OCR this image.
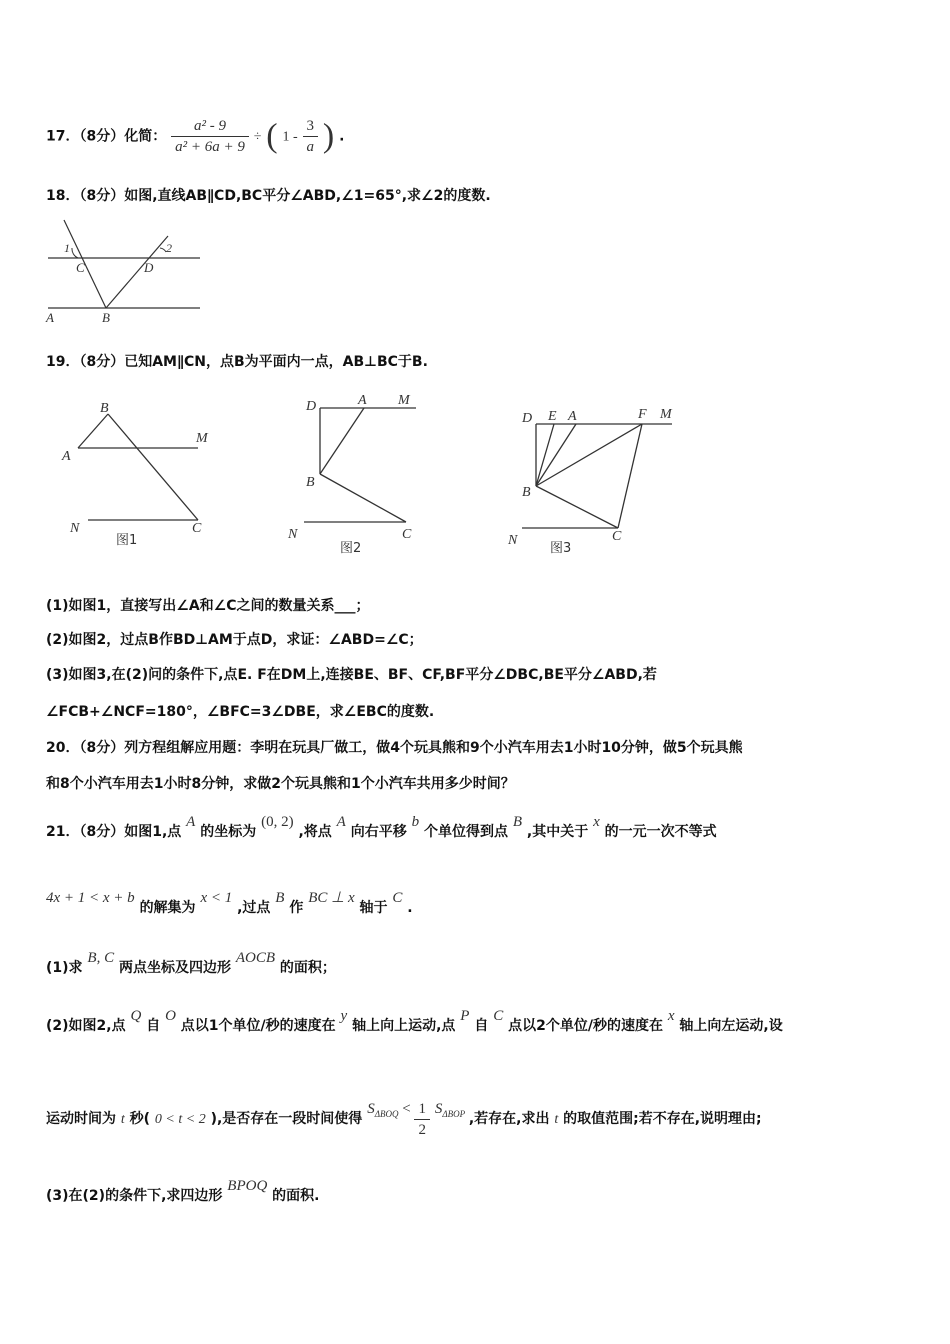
17．（8分）化简： $\frac{\text{a² - 9}}{\text{a² + 6a + 9}}$ ÷ ( $1 - \frac{3}{a}$ ) .
18．（8分）如图,直线AB∥CD,BC平分∠ABD,∠1=65°,求∠2的度数.
1	2
C	D
A	B
19．（8分）已知AM∥CN，点B为平面内一点，AB⊥BC于B.
B
A
M
N	C
图1
D	A M
B
N	C
图2
D E A	F M
B
N	C
图3
(1)如图1，直接写出∠A和∠C之间的数量关系___；
(2)如图2，过点B作BD⊥AM于点D，求证：∠ABD=∠C；
(3)如图3,在(2)问的条件下,点E. F在DM上,连接BE、BF、CF,BF平分∠DBC,BE平分∠ABD,若
∠FCB+∠NCF=180°，∠BFC=3∠DBE，求∠EBC的度数.
20．（8分）列方程组解应用题：李明在玩具厂做工，做4个玩具熊和9个小汽车用去1小时10分钟，做5个玩具熊
和8个小汽车用去1小时8分钟，求做2个玩具熊和1个小汽车共用多少时间？
21．（8分）如图1,点 A 的坐标为 (0, 2) ,将点 A 向右平移 b 个单位得到点 B ,其中关于 x 的一元一次不等式
4x + 1 < x + b 的解集为 x < 1 ,过点 B 作 BC ⊥ x 轴于 C .
(1)求 B, C 两点坐标及四边形 AOCB 的面积；
(2)如图2,点 Q 自 O 点以1个单位/秒的速度在 y 轴上向上运动,点 P 自 C 点以2个单位/秒的速度在 x 轴上向左运动,设
运动时间为 t 秒( 0 < t < 2 ),是否存在一段时间使得 $S_{\Delta BOQ} < \frac{1}{2} S_{\Delta BOP}$ ,若存在,求出 t 的取值范围;若不存在,说明理由;
(3)在(2)的条件下,求四边形 BPOQ 的面积.
